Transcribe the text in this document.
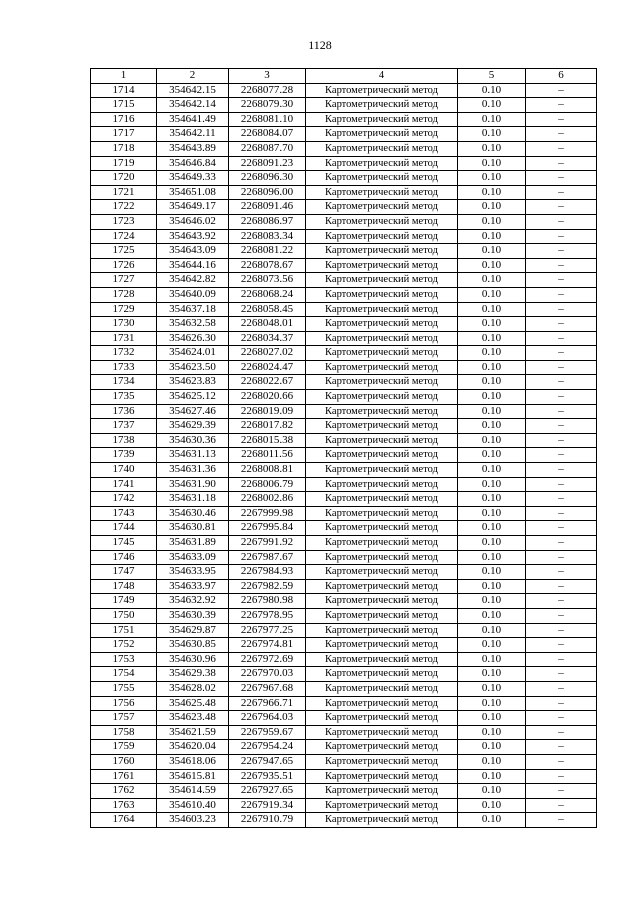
1128
1	2	3	4	5	6
1714	354642.15	2268077.28	Картометрический метод	0.10	–
1715	354642.14	2268079.30	Картометрический метод	0.10	–
1716	354641.49	2268081.10	Картометрический метод	0.10	–
1717	354642.11	2268084.07	Картометрический метод	0.10	–
1718	354643.89	2268087.70	Картометрический метод	0.10	–
1719	354646.84	2268091.23	Картометрический метод	0.10	–
1720	354649.33	2268096.30	Картометрический метод	0.10	–
1721	354651.08	2268096.00	Картометрический метод	0.10	–
1722	354649.17	2268091.46	Картометрический метод	0.10	–
1723	354646.02	2268086.97	Картометрический метод	0.10	–
1724	354643.92	2268083.34	Картометрический метод	0.10	–
1725	354643.09	2268081.22	Картометрический метод	0.10	–
1726	354644.16	2268078.67	Картометрический метод	0.10	–
1727	354642.82	2268073.56	Картометрический метод	0.10	–
1728	354640.09	2268068.24	Картометрический метод	0.10	–
1729	354637.18	2268058.45	Картометрический метод	0.10	–
1730	354632.58	2268048.01	Картометрический метод	0.10	–
1731	354626.30	2268034.37	Картометрический метод	0.10	–
1732	354624.01	2268027.02	Картометрический метод	0.10	–
1733	354623.50	2268024.47	Картометрический метод	0.10	–
1734	354623.83	2268022.67	Картометрический метод	0.10	–
1735	354625.12	2268020.66	Картометрический метод	0.10	–
1736	354627.46	2268019.09	Картометрический метод	0.10	–
1737	354629.39	2268017.82	Картометрический метод	0.10	–
1738	354630.36	2268015.38	Картометрический метод	0.10	–
1739	354631.13	2268011.56	Картометрический метод	0.10	–
1740	354631.36	2268008.81	Картометрический метод	0.10	–
1741	354631.90	2268006.79	Картометрический метод	0.10	–
1742	354631.18	2268002.86	Картометрический метод	0.10	–
1743	354630.46	2267999.98	Картометрический метод	0.10	–
1744	354630.81	2267995.84	Картометрический метод	0.10	–
1745	354631.89	2267991.92	Картометрический метод	0.10	–
1746	354633.09	2267987.67	Картометрический метод	0.10	–
1747	354633.95	2267984.93	Картометрический метод	0.10	–
1748	354633.97	2267982.59	Картометрический метод	0.10	–
1749	354632.92	2267980.98	Картометрический метод	0.10	–
1750	354630.39	2267978.95	Картометрический метод	0.10	–
1751	354629.87	2267977.25	Картометрический метод	0.10	–
1752	354630.85	2267974.81	Картометрический метод	0.10	–
1753	354630.96	2267972.69	Картометрический метод	0.10	–
1754	354629.38	2267970.03	Картометрический метод	0.10	–
1755	354628.02	2267967.68	Картометрический метод	0.10	–
1756	354625.48	2267966.71	Картометрический метод	0.10	–
1757	354623.48	2267964.03	Картометрический метод	0.10	–
1758	354621.59	2267959.67	Картометрический метод	0.10	–
1759	354620.04	2267954.24	Картометрический метод	0.10	–
1760	354618.06	2267947.65	Картометрический метод	0.10	–
1761	354615.81	2267935.51	Картометрический метод	0.10	–
1762	354614.59	2267927.65	Картометрический метод	0.10	–
1763	354610.40	2267919.34	Картометрический метод	0.10	–
1764	354603.23	2267910.79	Картометрический метод	0.10	–
